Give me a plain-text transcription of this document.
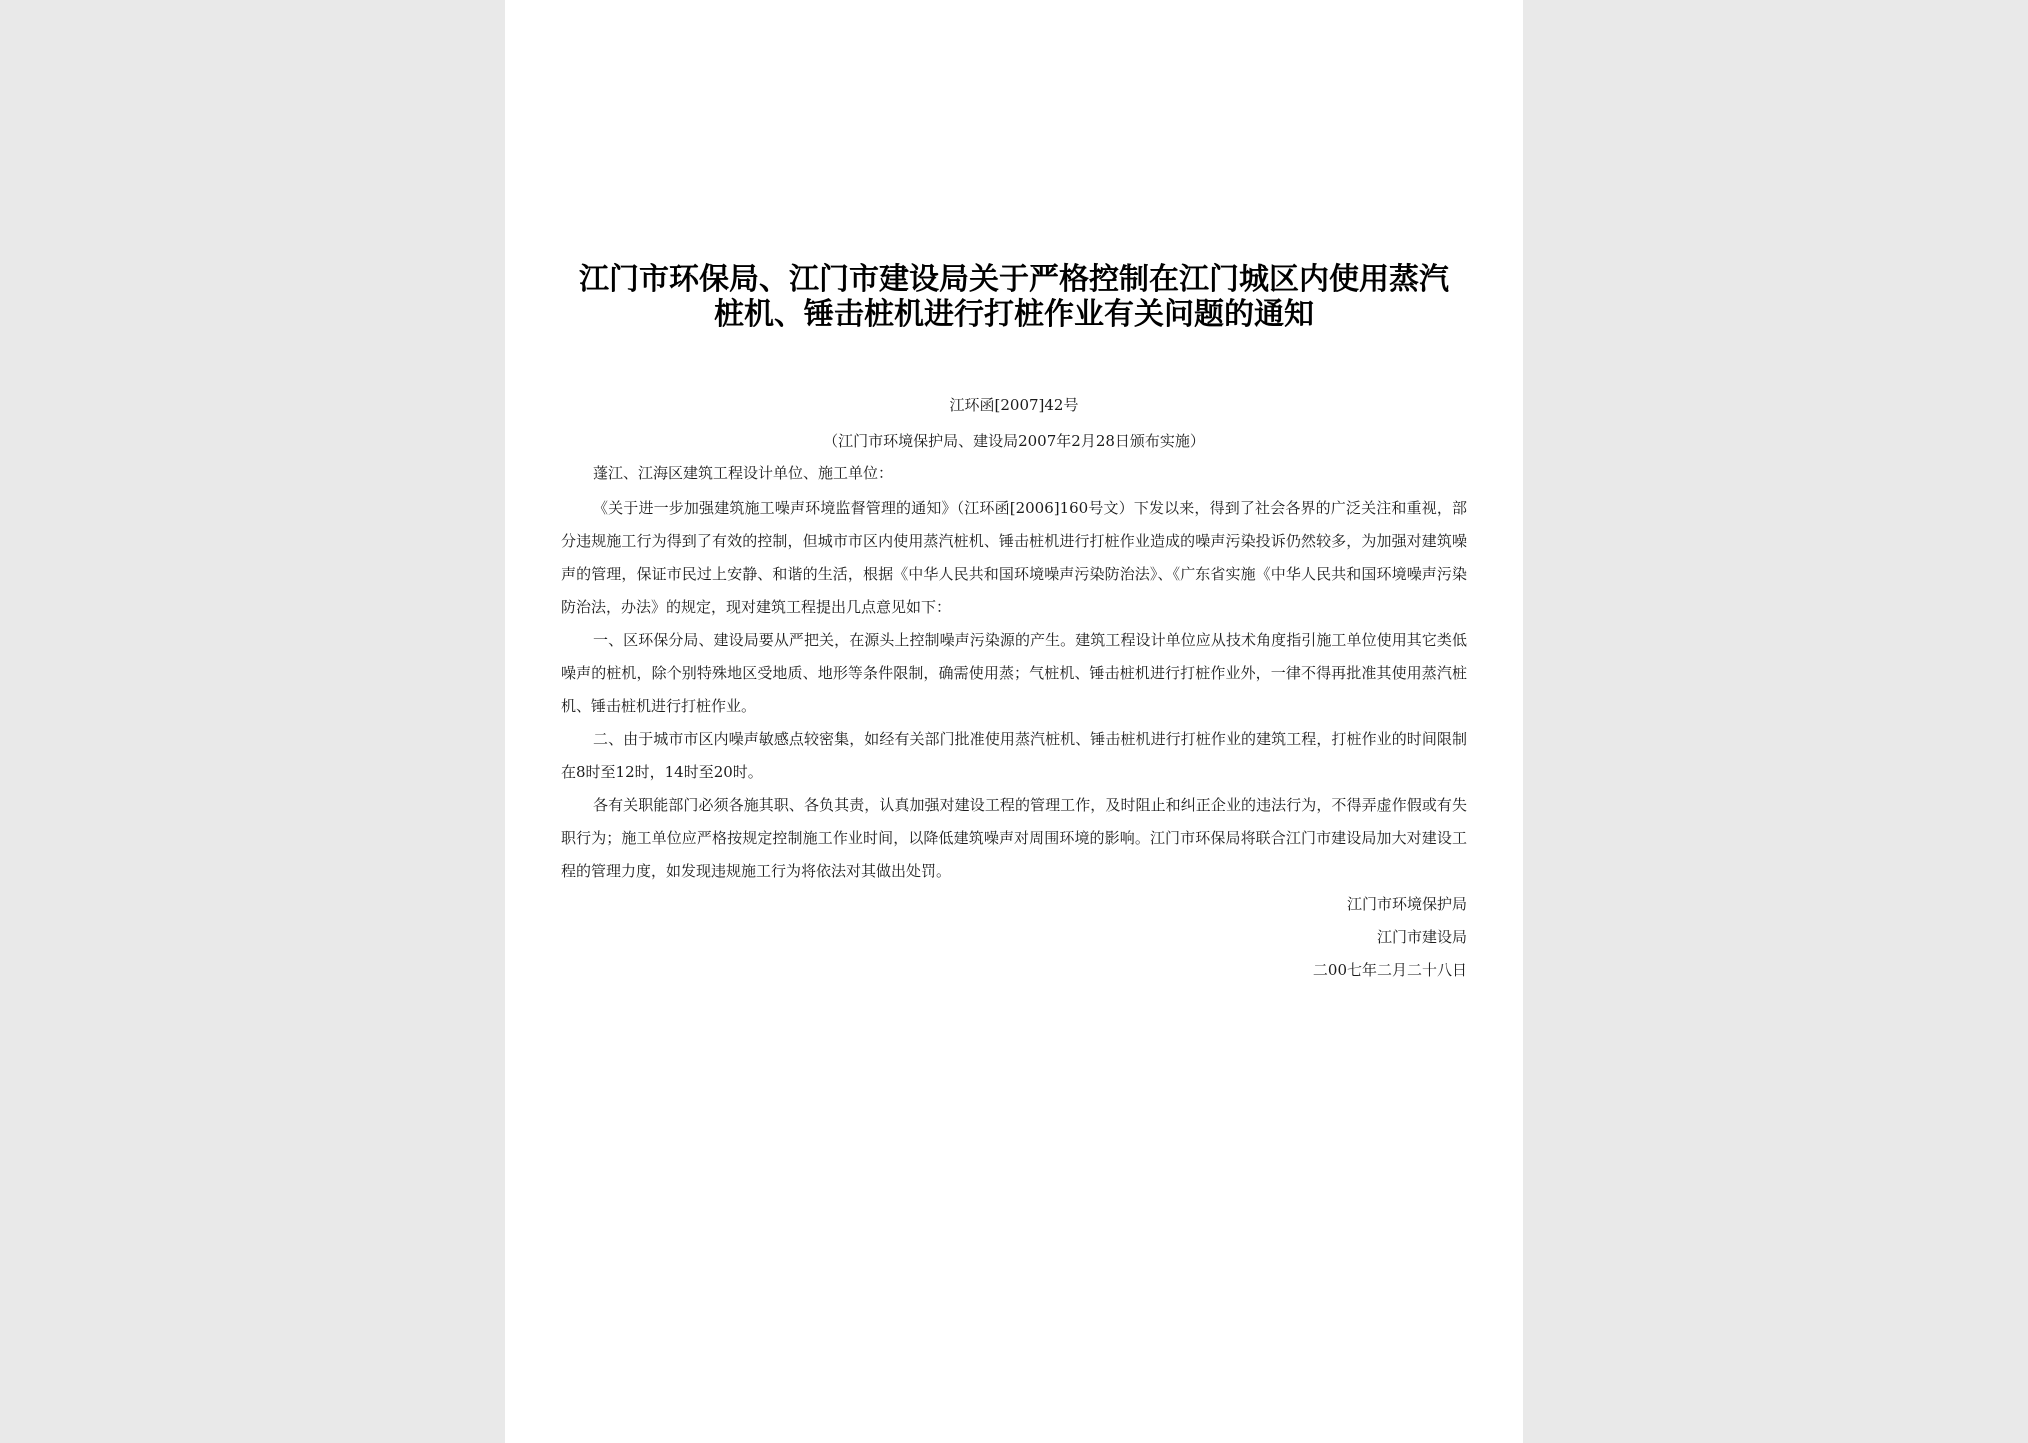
江门市环保局、江门市建设局关于严格控制在江门城区内使用蒸汽桩机、锤击桩机进行打桩作业有关问题的通知
江环函[2007]42号
（江门市环境保护局、建设局2007年2月28日颁布实施）
蓬江、江海区建筑工程设计单位、施工单位：

《关于进一步加强建筑施工噪声环境监督管理的通知》（江环函[2006]160号文）下发以来，得到了社会各界的广泛关注和重视，部分违规施工行为得到了有效的控制，但城市市区内使用蒸汽桩机、锤击桩机进行打桩作业造成的噪声污染投诉仍然较多，为加强对建筑噪声的管理，保证市民过上安静、和谐的生活，根据《中华人民共和国环境噪声污染防治法》、《广东省实施《中华人民共和国环境噪声污染防治法，办法》的规定，现对建筑工程提出几点意见如下：

一、区环保分局、建设局要从严把关，在源头上控制噪声污染源的产生。建筑工程设计单位应从技术角度指引施工单位使用其它类低噪声的桩机，除个别特殊地区受地质、地形等条件限制，确需使用蒸；气桩机、锤击桩机进行打桩作业外，一律不得再批准其使用蒸汽桩机、锤击桩机进行打桩作业。

二、由于城市市区内噪声敏感点较密集，如经有关部门批准使用蒸汽桩机、锤击桩机进行打桩作业的建筑工程，打桩作业的时间限制在8时至12时，14时至20时。

各有关职能部门必须各施其职、各负其责，认真加强对建设工程的管理工作，及时阻止和纠正企业的违法行为，不得弄虚作假或有失职行为；施工单位应严格按规定控制施工作业时间，以降低建筑噪声对周围环境的影响。江门市环保局将联合江门市建设局加大对建设工程的管理力度，如发现违规施工行为将依法对其做出处罚。

江门市环境保护局

江门市建设局

二00七年二月二十八日
